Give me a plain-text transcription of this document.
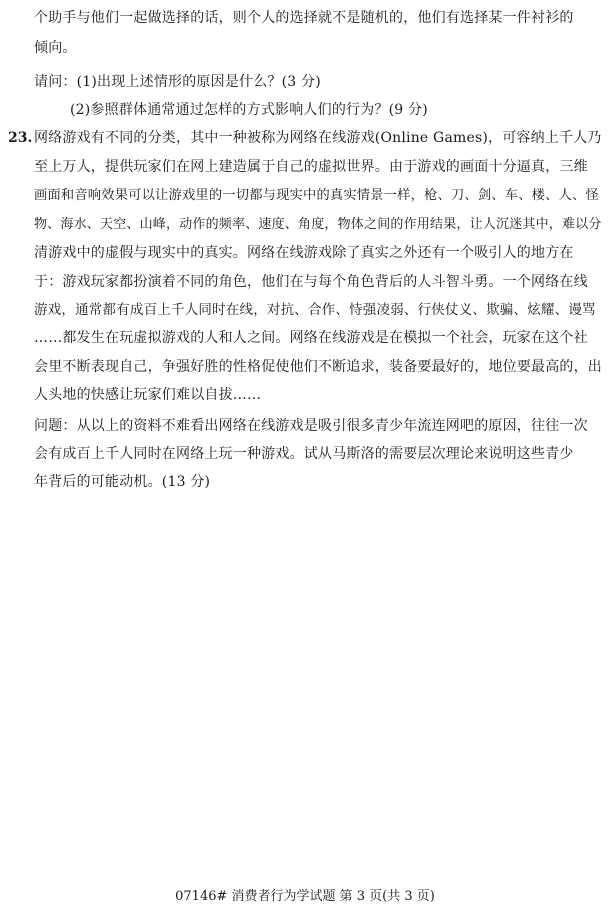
个助手与他们一起做选择的话，则个人的选择就不是随机的，他们有选择某一件衬衫的
倾向。
请问：(1)出现上述情形的原因是什么？(3 分)
(2)参照群体通常通过怎样的方式影响人们的行为？(9 分)
23. 网络游戏有不同的分类，其中一种被称为网络在线游戏(Online Games)，可容纳上千人乃
至上万人，提供玩家们在网上建造属于自己的虚拟世界。由于游戏的画面十分逼真，三维
画面和音响效果可以让游戏里的一切都与现实中的真实情景一样，枪、刀、剑、车、楼、人、怪
物、海水、天空、山峰，动作的频率、速度、角度，物体之间的作用结果，让人沉迷其中，难以分
清游戏中的虚假与现实中的真实。网络在线游戏除了真实之外还有一个吸引人的地方在
于：游戏玩家都扮演着不同的角色，他们在与每个角色背后的人斗智斗勇。一个网络在线
游戏，通常都有成百上千人同时在线，对抗、合作、恃强凌弱、行侠仗义、欺骗、炫耀、谩骂
……都发生在玩虚拟游戏的人和人之间。网络在线游戏是在模拟一个社会，玩家在这个社
会里不断表现自己，争强好胜的性格促使他们不断追求，装备要最好的，地位要最高的，出
人头地的快感让玩家们难以自拔……
问题：从以上的资料不难看出网络在线游戏是吸引很多青少年流连网吧的原因，往往一次
会有成百上千人同时在网络上玩一种游戏。试从马斯洛的需要层次理论来说明这些青少
年背后的可能动机。(13 分)
07146# 消费者行为学试题 第 3 页(共 3 页)
